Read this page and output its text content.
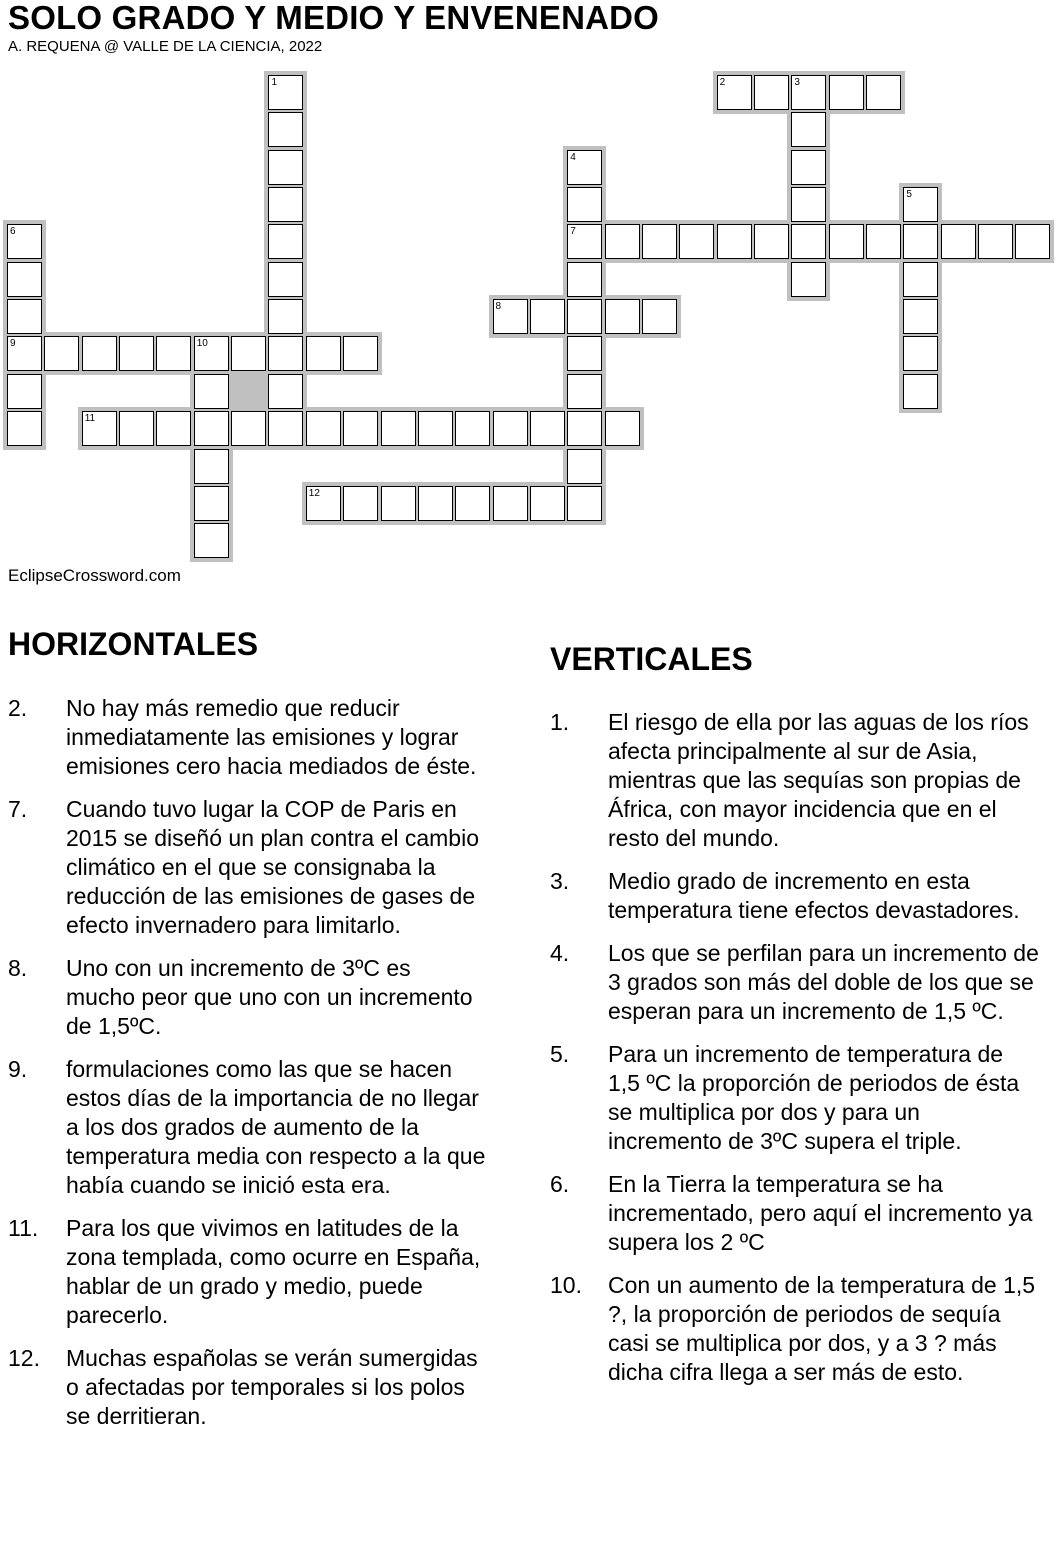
SOLO GRADO Y MEDIO Y ENVENENADO
A. REQUENA @ VALLE DE LA CIENCIA, 2022
1	2	3
4
7
5
6
9
8
10
11
12
EclipseCrossword.com
HORIZONTALES
2.	No hay más remedio que reducir inmediatamente las emisiones y lograr emisiones cero hacia mediados de éste.
7.	Cuando tuvo lugar la COP de Paris en 2015 se diseñó un plan contra el cambio climático en el que se consignaba la reducción de las emisiones de gases de efecto invernadero para limitarlo.
8.	Uno con un incremento de 3ºC es mucho peor que uno con un incremento de 1,5ºC.
9.	formulaciones como las que se hacen estos días de la importancia de no llegar a los dos grados de aumento de la temperatura media con respecto a la que había cuando se inició esta era.
11.	Para los que vivimos en latitudes de la zona templada, como ocurre en España, hablar de un grado y medio, puede parecerlo.
12.	Muchas españolas se verán sumergidas o afectadas por temporales si los polos se derritieran.
VERTICALES
1.	El riesgo de ella por las aguas de los ríos afecta principalmente al sur de Asia, mientras que las sequías son propias de África, con mayor incidencia que en el resto del mundo.
3.	Medio grado de incremento en esta temperatura tiene efectos devastadores.
4.	Los que se perfilan para un incremento de 3 grados son más del doble de los que se esperan para un incremento de 1,5 ºC.
5.	Para un incremento de temperatura de 1,5 ºC la proporción de periodos de ésta se multiplica por dos y para un incremento de 3ºC supera el triple.
6.	En la Tierra la temperatura se ha incrementado, pero aquí el incremento ya supera los 2 ºC
10.	Con un aumento de la temperatura de 1,5 ?, la proporción de periodos de sequía casi se multiplica por dos, y a 3 ? más dicha cifra llega a ser más de esto.
